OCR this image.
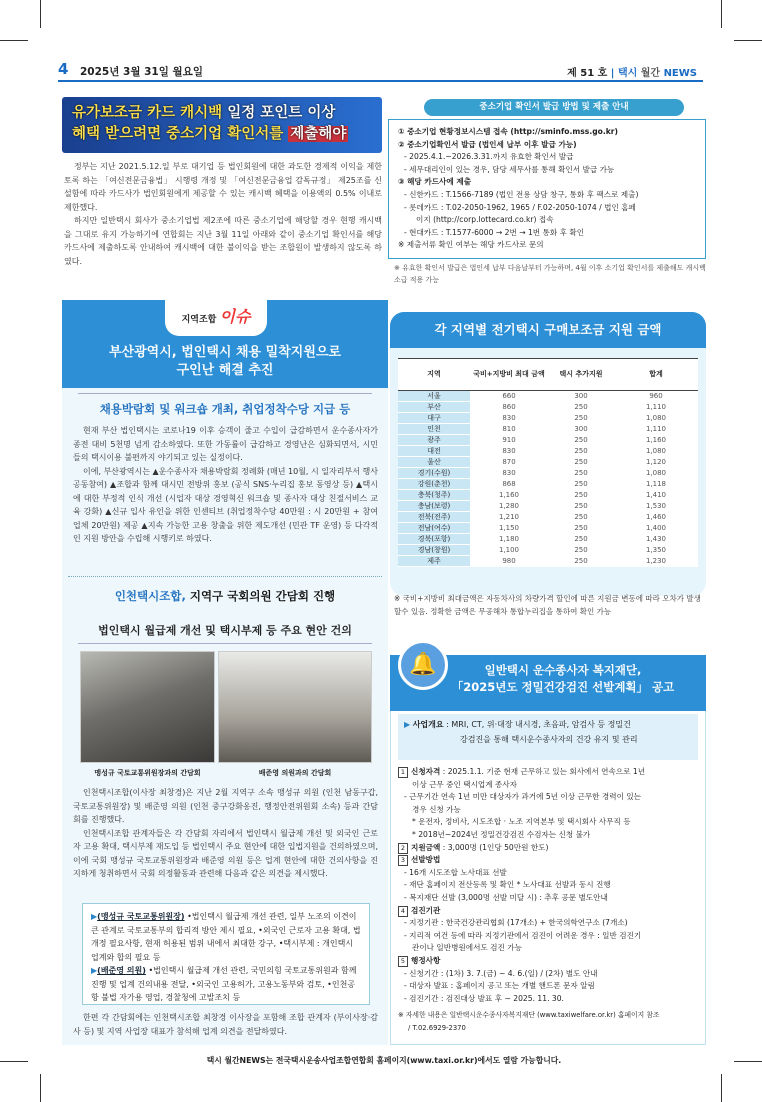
4 2025년 3월 31일 월요일	제 51 호 | 택시 월간 NEWS
유가보조금 카드 캐시백 일정 포인트 이상
혜택 받으려면 중소기업 확인서를 제출해야

정부는 지난 2021.5.12.일 부로 대기업 등 법인회원에 대한 과도한 경제적 이익을 제한토록 하는 「여신전문금융법」 시행령 개정 및 「여신전문금융업 감독규정」 제25조를 신설함에 따라 카드사가 법인회원에게 제공할 수 있는 캐시백 혜택을 이용액의 0.5% 이내로 제한했다.

하지만 일반택시 회사가 중소기업법 제2조에 따른 중소기업에 해당할 경우 현행 캐시백을 그대로 유지 가능하기에 연합회는 지난 3월 11일 아래와 같이 중소기업 확인서를 해당 카드사에 제출하도록 안내하여 캐시백에 대한 불이익을 받는 조합원이 발생하지 않도록 하였다.

중소기업 확인서 발급 방법 및 제출 안내
① 중소기업 현황정보시스템 접속 (http://sminfo.mss.go.kr)
② 중소기업확인서 발급 (법인세 납부 이후 발급 가능)
- 2025.4.1.~2026.3.31.까지 유효한 확인서 발급
- 세무대리인이 있는 경우, 담당 세무사를 통해 확인서 발급 가능
③ 해당 카드사에 제출
- 신한카드 : T.1566-7189 (법인 전용 상담 창구, 통화 후 팩스로 제출)
- 롯데카드 : T.02-2050-1962, 1965 / F.02-2050-1074 / 법인 홈페
이지 (http://corp.lottecard.co.kr) 접속
- 현대카드 : T.1577-6000 → 2번 → 1번 통화 후 확인
※ 제출서류 확인 여부는 해당 카드사로 문의
※ 유효한 확인서 발급은 법인세 납부 다음날부터 가능하며, 4월 이후 소기업 확인서를 제출해도 캐시백 소급 적용 가능
지역조합 이슈
부산광역시, 법인택시 채용 밀착지원으로
구인난 해결 추진
채용박람회 및 워크숍 개최, 취업정착수당 지급 등

현재 부산 법인택시는 코로나19 이후 승객이 줄고 수입이 급감하면서 운수종사자가 종전 대비 5천명 넘게 감소하였다. 또한 가동률이 급감하고 경영난은 심화되면서, 시민들의 택시이용 불편까지 야기되고 있는 실정이다.

이에, 부산광역시는 ▲운수종사자 채용박람회 정례화 (매년 10월, 시 일자리부서 행사 공동참여) ▲조합과 함께 대시민 전방위 홍보 (공식 SNS·누리집 홍보 동영상 등) ▲택시에 대한 부정적 인식 개선 (시업자 대상 경영혁신 워크숍 및 종사자 대상 친절서비스 교육 강화) ▲신규 입사 유인을 위한 인센티브 (취업정착수당 40만원 : 시 20만원 + 참여업체 20만원) 제공 ▲지속 가능한 고용 창출을 위한 제도개선 (민관 TF 운영) 등 다각적인 지원 방안을 수립해 시행키로 하였다.

인천택시조합, 지역구 국회의원 간담회 진행
법인택시 월급제 개선 및 택시부제 등 주요 현안 건의
맹성규 국토교통위원장과의 간담회	배준영 의원과의 간담회

인천택시조합(이사장 최창경)은 지난 2월 지역구 소속 맹성규 의원 (인천 남동구갑, 국토교통위원장) 및 배준영 의원 (인천 중구강화옹진, 행정안전위원회 소속) 등과 간담회를 진행했다.

인천택시조합 관계자들은 각 간담회 자리에서 법인택시 월급제 개선 및 외국인 근로자 고용 확대, 택시부제 재도입 등 법인택시 주요 현안에 대한 입법지원을 건의하였으며, 이에 국회 맹성규 국토교통위원장과 배준영 의원 등은 업계 현안에 대한 건의사항을 진지하게 청취하면서 국회 의정활동과 관련해 다음과 같은 의견을 제시했다.

▶(맹성규 국토교통위원장) •법인택시 월급제 개선 관련, 일부 노조의 이견이 큰 관계로 국토교통부의 합리적 방안 제시 필요, •외국인 근로자 고용 확대, 법 개정 필요사항, 현재 허용된 범위 내에서 최대한 강구, •택시부제 : 개인택시 업계와 합의 필요 등
▶(배준영 의원) •법인택시 월급제 개선 관련, 국민의힘 국토교통위원과 함께 진행 및 업계 건의내용 전달, •외국인 고용허가, 고용노동부와 검토, •인천공항 불법 자가용 영업, 경찰청에 고발조치 등

한편 각 간담회에는 인천택시조합 최창경 이사장을 포함해 조합 관계자 (부이사장·감사 등) 및 지역 사업장 대표가 참석해 업계 의견을 전달하였다.

각 지역별 전기택시 구매보조금 지원 금액
지역	국비+지방비 최대 금액	택시 추가지원	합계
서울	660	300	960
부산	860	250	1,110
대구	830	250	1,080
인천	810	300	1,110
광주	910	250	1,160
대전	830	250	1,080
울산	870	250	1,120
경기(수원)	830	250	1,080
강원(춘천)	868	250	1,118
충북(청주)	1,160	250	1,410
충남(보령)	1,280	250	1,530
전북(전주)	1,210	250	1,460
전남(여수)	1,150	250	1,400
경북(포항)	1,180	250	1,430
경남(창원)	1,100	250	1,350
제주	980	250	1,230
※ 국비+지방비 최대금액은 자동차사의 차량가격 할인에 따른 지원금 변동에 따라 오차가 발생할수 있음. 정확한 금액은 무공해차 통합누리집을 통하여 확인 가능
🔔	일반택시 운수종사자 복지재단,
「2025년도 정밀건강검진 선발계획」 공고
▶ 사업개요 : MRI, CT, 위·대장 내시경, 초음파, 암검사 등 정밀건
강검진을 통해 택시운수종사자의 건강 유지 및 관리
1 신청자격 : 2025.1.1. 기준 현재 근무하고 있는 회사에서 연속으로 1년
이상 근무 중인 택시업계 종사자
- 근무기간 연속 1년 미만 대상자가 과거에 5년 이상 근무한 경력이 있는
경우 신청 가능
* 운전자, 정비사, 시도조합 · 노조 지역본부 및 택시회사 사무직 등
* 2018년~2024년 정밀건강검진 수검자는 신청 불가
2 지원금액 : 3,000명 (1인당 50만원 한도)
3 선발방법
- 16개 시도조합 노사대표 선발
- 재단 홈페이지 전산등록 및 확인 * 노사대표 선발과 동시 진행
- 복지재단 선발 (3,000명 선발 미달 시) : 추후 공문 별도안내
4 검진기관
- 지정기관 : 한국건강관리협회 (17개소) + 한국의학연구소 (7개소)
- 지리적 여건 등에 따라 지정기관에서 검진이 어려운 경우 : 일반 검진기
관이나 일반병원에서도 검진 가능
5 행정사항
- 신청기간 : (1차) 3. 7.(금) ~ 4. 6.(일) / (2차) 별도 안내
- 대상자 발표 : 홈페이지 공고 또는 개별 핸드폰 문자 알림
- 검진기간 : 검진대상 발표 후 ~ 2025. 11. 30.
※ 자세한 내용은 일반택시운수종사자복지재단 (www.taxiwelfare.or.kr) 홈페이지 참조
/ T.02.6929-2370
택시 월간NEWS는 전국택시운송사업조합연합회 홈페이지(www.taxi.or.kr)에서도 열람 가능합니다.
